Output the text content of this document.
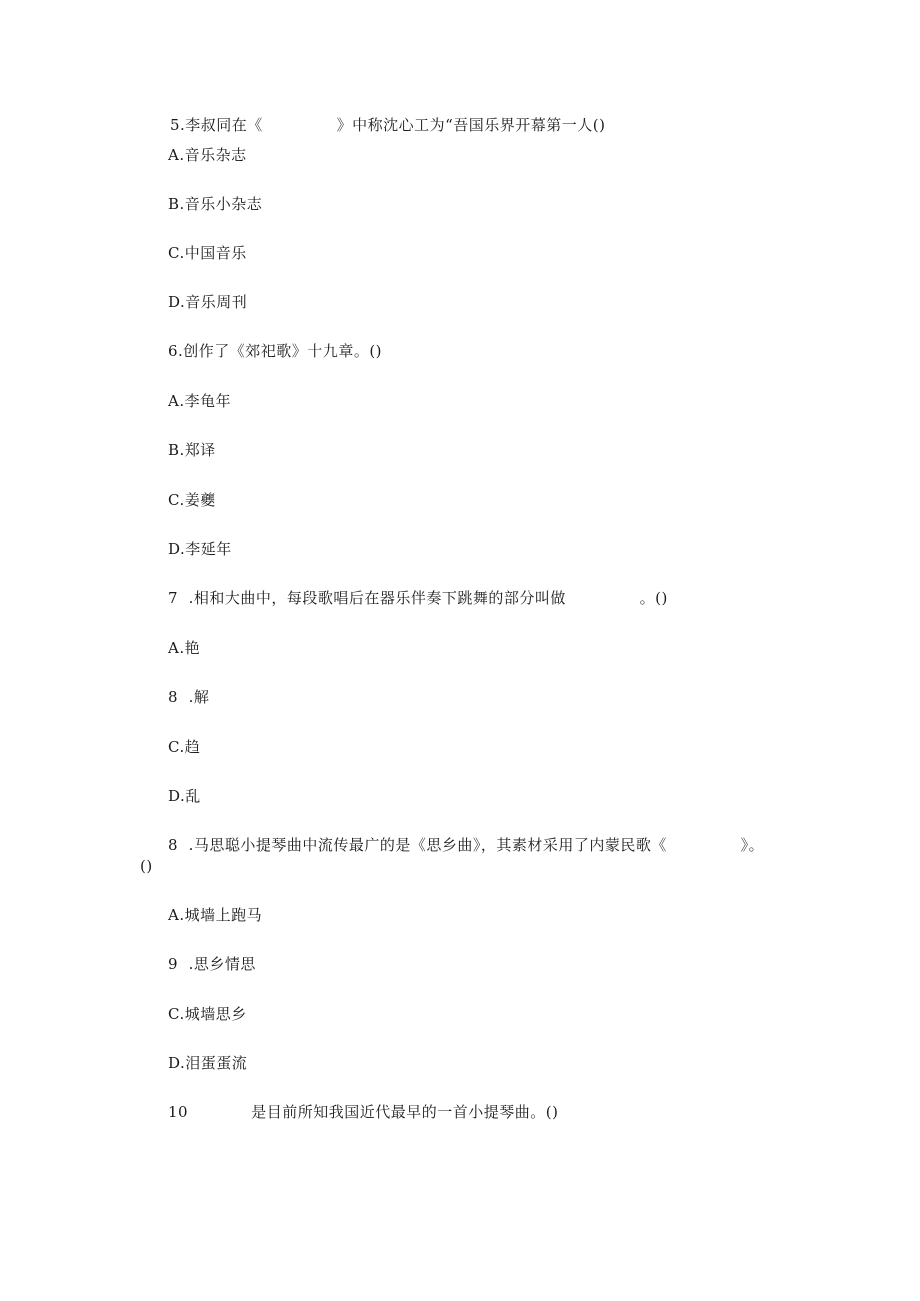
5.李叔同在《              》中称沈心工为“吾国乐界开幕第一人()
A.音乐杂志
B.音乐小杂志
C.中国音乐
D.音乐周刊
6.创作了《郊祀歌》十九章。()
A.李龟年
B.郑译
C.姜夔
D.李延年
7  .相和大曲中，每段歌唱后在器乐伴奏下跳舞的部分叫做              。()
A.艳
8  .解
C.趋
D.乱
8  .马思聪小提琴曲中流传最广的是《思乡曲》，其素材采用了内蒙民歌《              》。
()
A.城墙上跑马
9  .思乡情思
C.城墙思乡
D.泪蛋蛋流
10            是目前所知我国近代最早的一首小提琴曲。()
